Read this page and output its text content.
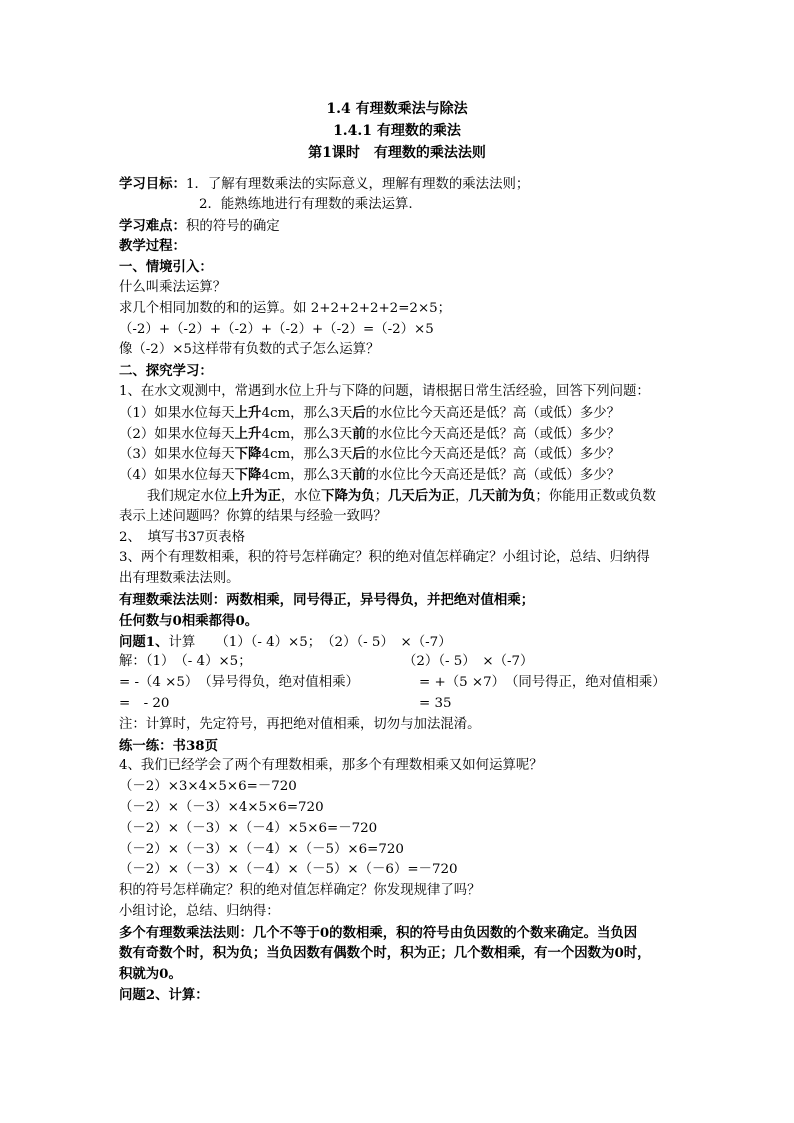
1.4 有理数乘法与除法
1.4.1 有理数的乘法
第1课时　有理数的乘法法则
学习目标：1．了解有理数乘法的实际意义，理解有理数的乘法法则；
2．能熟练地进行有理数的乘法运算.
学习难点：积的符号的确定
教学过程：
一、情境引入：
什么叫乘法运算？
求几个相同加数的和的运算。如 2+2+2+2+2=2×5；
（-2）+（-2）+（-2）+（-2）+（-2）=（-2）×5
像（-2）×5这样带有负数的式子怎么运算？
二、探究学习：
1、在水文观测中，常遇到水位上升与下降的问题，请根据日常生活经验，回答下列问题：
（1）如果水位每天上升4cm，那么3天后的水位比今天高还是低？高（或低）多少？
（2）如果水位每天上升4cm，那么3天前的水位比今天高还是低？高（或低）多少？
（3）如果水位每天下降4cm，那么3天后的水位比今天高还是低？高（或低）多少？
（4）如果水位每天下降4cm，那么3天前的水位比今天高还是低？高（或低）多少？
我们规定水位上升为正，水位下降为负；几天后为正，几天前为负；你能用正数或负数
表示上述问题吗？你算的结果与经验一致吗？
2、　填写书37页表格
3、两个有理数相乘，积的符号怎样确定？积的绝对值怎样确定？小组讨论，总结、归纳得
出有理数乘法法则。
有理数乘法法则：两数相乘，同号得正，异号得负，并把绝对值相乘；
任何数与0相乘都得0。
问题1、计算　　（1）（- 4）×5；　（2）（- 5）　×（-7）
解：（1）　（- 4）×5；	（2）（- 5）　×（-7）
= -（4 ×5）　（异号得负，绝对值相乘）	= +（5 ×7）　（同号得正，绝对值相乘）
=　- 20	= 35
注：计算时，先定符号，再把绝对值相乘，切勿与加法混淆。
练一练：书38页
4、我们已经学会了两个有理数相乘，那多个有理数相乘又如何运算呢？
（－2）×3×4×5×6=－720
（－2）×（－3）×4×5×6=720
（－2）×（－3）×（－4）×5×6=－720
（－2）×（－3）×（－4）×（－5）×6=720
（－2）×（－3）×（－4）×（－5）×（－6）=－720
积的符号怎样确定？积的绝对值怎样确定？你发现规律了吗？
小组讨论，总结、归纳得：
多个有理数乘法法则：几个不等于0的数相乘，积的符号由负因数的个数来确定。当负因
数有奇数个时，积为负；当负因数有偶数个时，积为正；几个数相乘，有一个因数为0时，
积就为0。
问题2、计算：
